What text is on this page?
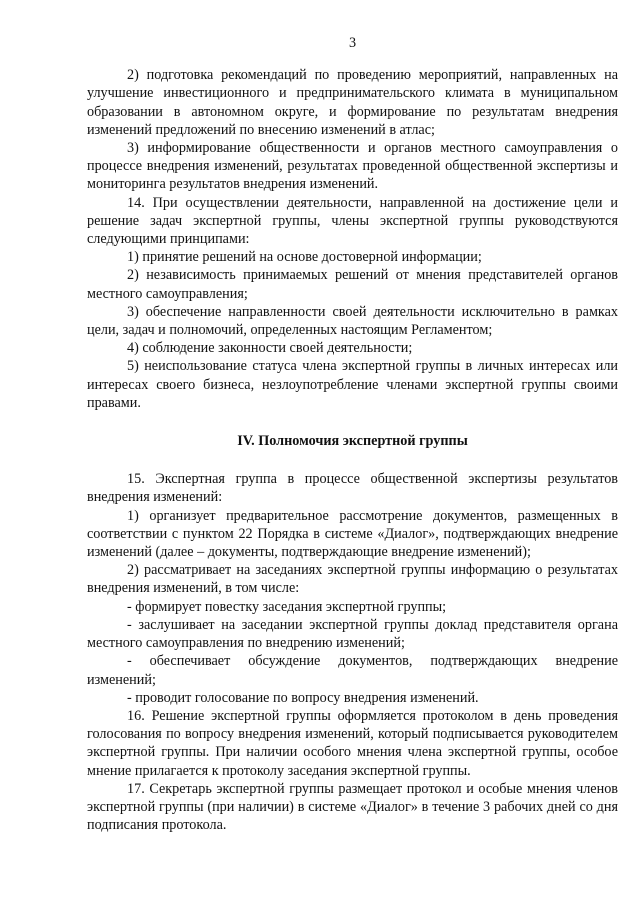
3

2) подготовка рекомендаций по проведению мероприятий, направленных на улучшение инвестиционного и предпринимательского климата в муниципальном образовании в автономном округе, и формирование по результатам внедрения изменений предложений по внесению изменений в атлас;

3) информирование общественности и органов местного самоуправления о процессе внедрения изменений, результатах проведенной общественной экспертизы и мониторинга результатов внедрения изменений.

14. При осуществлении деятельности, направленной на достижение цели и решение задач экспертной группы, члены экспертной группы руководствуются следующими принципами:

1) принятие решений на основе достоверной информации;

2) независимость принимаемых решений от мнения представителей органов местного самоуправления;

3) обеспечение направленности своей деятельности исключительно в рамках цели, задач и полномочий, определенных настоящим Регламентом;

4) соблюдение законности своей деятельности;

5) неиспользование статуса члена экспертной группы в личных интересах или интересах своего бизнеса, незлоупотребление членами экспертной группы своими правами.

IV. Полномочия экспертной группы

15. Экспертная группа в процессе общественной экспертизы результатов внедрения изменений:

1) организует предварительное рассмотрение документов, размещенных в соответствии с пунктом 22 Порядка в системе «Диалог», подтверждающих внедрение изменений (далее – документы, подтверждающие внедрение изменений);

2) рассматривает на заседаниях экспертной группы информацию о результатах внедрения изменений, в том числе:

- формирует повестку заседания экспертной группы;

- заслушивает на заседании экспертной группы доклад представителя органа местного самоуправления по внедрению изменений;

- обеспечивает обсуждение документов, подтверждающих внедрение изменений;

- проводит голосование по вопросу внедрения изменений.

16. Решение экспертной группы оформляется протоколом в день проведения голосования по вопросу внедрения изменений, который подписывается руководителем экспертной группы. При наличии особого мнения члена экспертной группы, особое мнение прилагается к протоколу заседания экспертной группы.

17. Секретарь экспертной группы размещает протокол и особые мнения членов экспертной группы (при наличии) в системе «Диалог» в течение 3 рабочих дней со дня подписания протокола.
